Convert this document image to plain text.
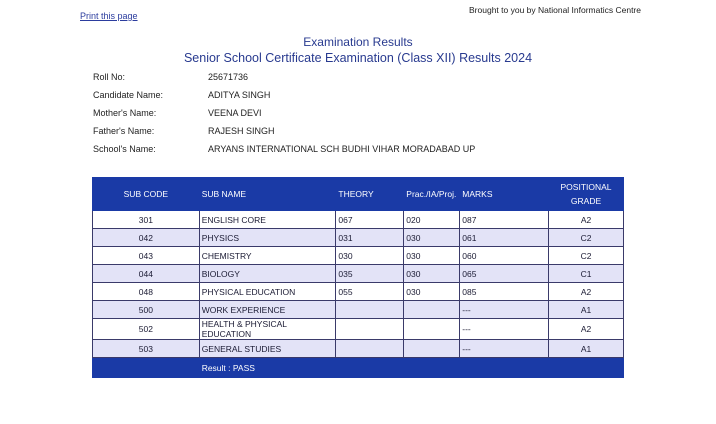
Print this page
Brought to you by National Informatics Centre
Examination Results
Senior School Certificate Examination (Class XII) Results 2024
Roll No:	25671736
Candidate Name:	ADITYA SINGH
Mother's Name:	VEENA DEVI
Father's Name:	RAJESH SINGH
School's Name:	ARYANS INTERNATIONAL SCH BUDHI VIHAR MORADABAD UP
SUB CODE	SUB NAME	THEORY	Prac./IA/Proj.	MARKS	POSITIONAL
GRADE

301	ENGLISH CORE	067	020	087	A2
042	PHYSICS	031	030	061	C2
043	CHEMISTRY	030	030	060	C2
044	BIOLOGY	035	030	065	C1
048	PHYSICAL EDUCATION	055	030	085	A2
500	WORK EXPERIENCE			---	A1
502	HEALTH & PHYSICAL EDUCATION			---	A2
503	GENERAL STUDIES			---	A1
	Result : PASS				
